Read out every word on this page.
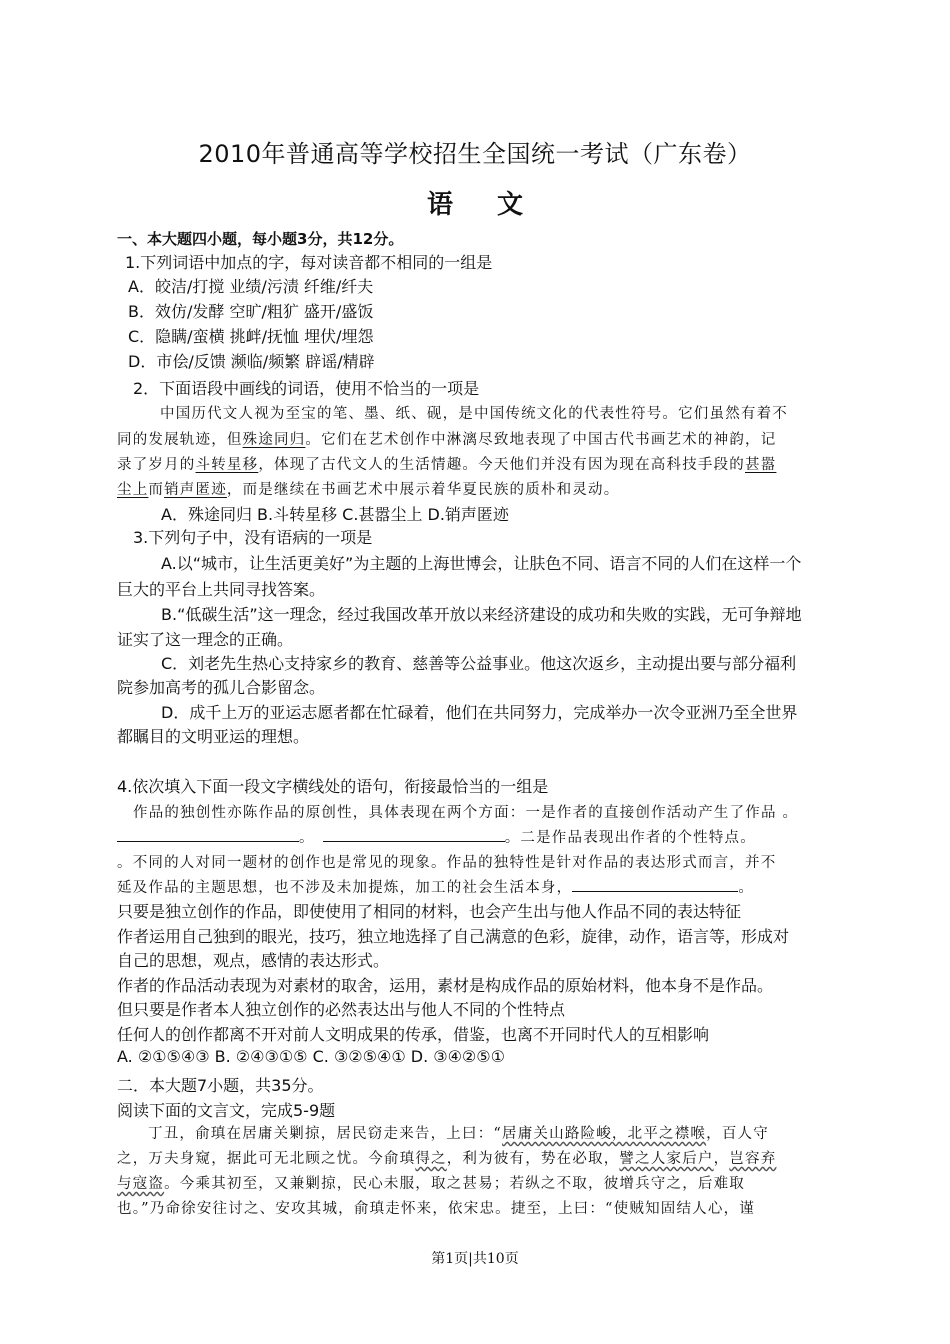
2010年普通高等学校招生全国统一考试（广东卷）
语文
一、本大题四小题，每小题3分，共12分。
1.下列词语中加点的字，每对读音都不相同的一组是
A．皎洁/打搅 业绩/污渍 纤维/纤夫
B．效仿/发酵 空旷/粗犷 盛开/盛饭
C．隐瞒/蛮横 挑衅/抚恤 埋伏/埋怨
D．市侩/反馈 濒临/频繁 辟谣/精辟
2．下面语段中画线的词语，使用不恰当的一项是
中国历代文人视为至宝的笔、墨、纸、砚，是中国传统文化的代表性符号。它们虽然有着不
同的发展轨迹，但殊途同归。它们在艺术创作中淋漓尽致地表现了中国古代书画艺术的神韵，记
录了岁月的斗转星移，体现了古代文人的生活情趣。今天他们并没有因为现在高科技手段的甚嚣
尘上而销声匿迹，而是继续在书画艺术中展示着华夏民族的质朴和灵动。
A．殊途同归 B.斗转星移 C.甚嚣尘上 D.销声匿迹
3.下列句子中，没有语病的一项是
A.以“城市，让生活更美好”为主题的上海世博会，让肤色不同、语言不同的人们在这样一个
巨大的平台上共同寻找答案。
B.“低碳生活”这一理念，经过我国改革开放以来经济建设的成功和失败的实践，无可争辩地
证实了这一理念的正确。
C．刘老先生热心支持家乡的教育、慈善等公益事业。他这次返乡，主动提出要与部分福利
院参加高考的孤儿合影留念。
D．成千上万的亚运志愿者都在忙碌着，他们在共同努力，完成举办一次令亚洲乃至全世界
都瞩目的文明亚运的理想。
4.依次填入下面一段文字横线处的语句，衔接最恰当的一组是
作品的独创性亦陈作品的原创性，具体表现在两个方面：一是作者的直接创作活动产生了作品 。
。	。二是作品表现出作者的个性特点。
。不同的人对同一题材的创作也是常见的现象。作品的独特性是针对作品的表达形式而言，并不
延及作品的主题思想，也不涉及未加提炼，加工的社会生活本身，	。
只要是独立创作的作品，即使使用了相同的材料，也会产生出与他人作品不同的表达特征
作者运用自己独到的眼光，技巧，独立地选择了自己满意的色彩，旋律，动作，语言等，形成对
自己的思想，观点，感情的表达形式。
作者的作品活动表现为对素材的取舍，运用，素材是构成作品的原始材料，他本身不是作品。
但只要是作者本人独立创作的必然表达出与他人不同的个性特点
任何人的创作都离不开对前人文明成果的传承，借鉴，也离不开同时代人的互相影响
A. ②①⑤④③ B. ②④③①⑤ C. ③②⑤④① D. ③④②⑤①
二．本大题7小题，共35分。
阅读下面的文言文，完成5-9题
丁丑，俞瑱在居庸关剿掠，居民窃走来告，上曰：“居庸关山路险峻，北平之襟喉，百人守
之，万夫身窥，据此可无北顾之忧。今俞瑱得之，利为彼有，势在必取，譬之人家后户，岂容弃
与寇盗。今乘其初至，又兼剿掠，民心未服，取之甚易；若纵之不取，彼增兵守之，后难取
也。”乃命徐安往讨之、安攻其城，俞瑱走怀来，依宋忠。捷至，上曰：“使贼知固结人心，谨
第1页|共10页
